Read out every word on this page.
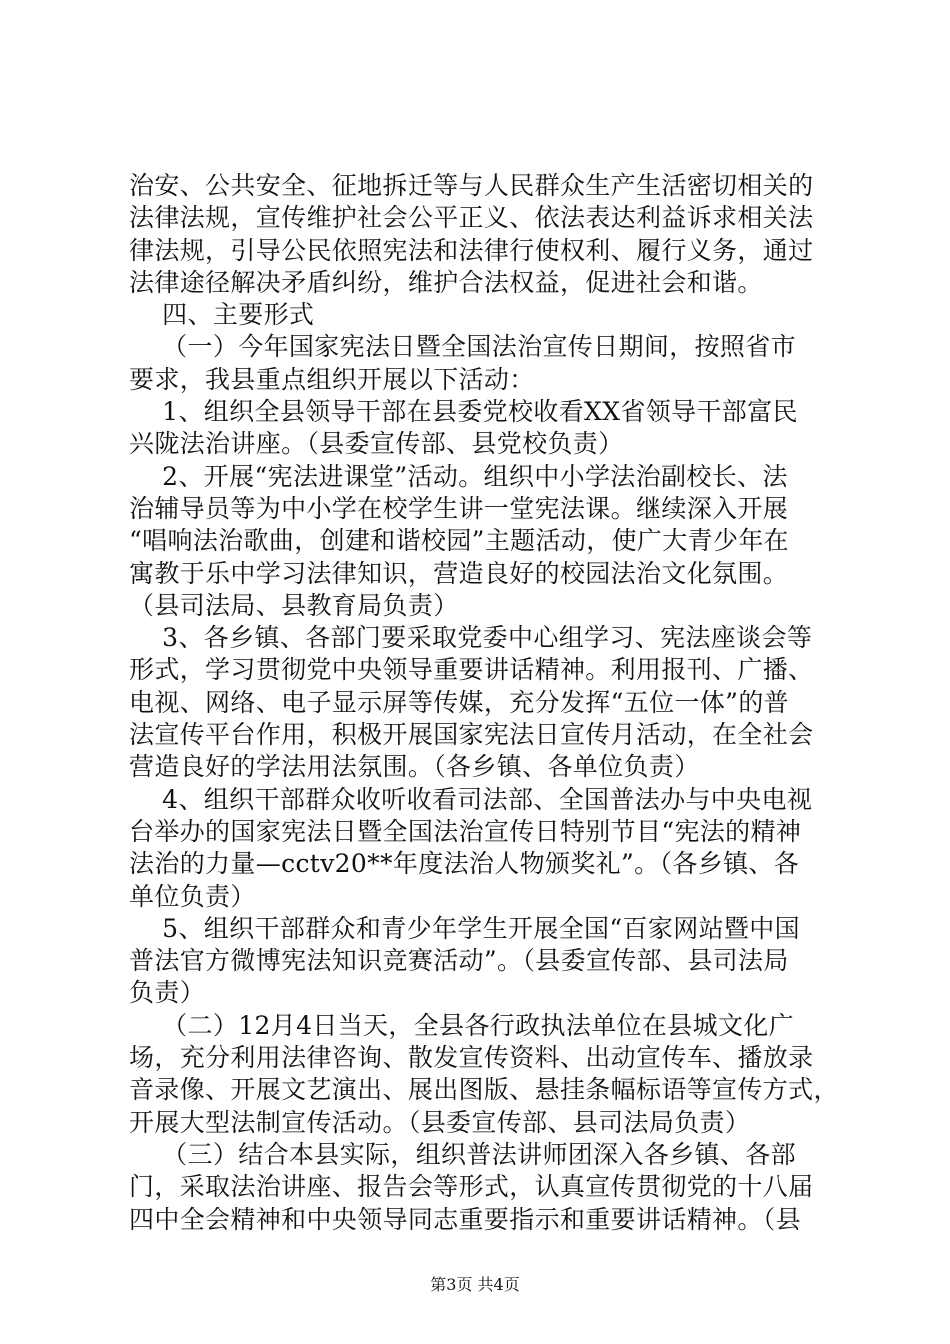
治安、公共安全、征地拆迁等与人民群众生产生活密切相关的
法律法规，宣传维护社会公平正义、依法表达利益诉求相关法
律法规，引导公民依照宪法和法律行使权利、履行义务，通过
法律途径解决矛盾纠纷，维护合法权益，促进社会和谐。
四、主要形式
（一）今年国家宪法日暨全国法治宣传日期间，按照省市
要求，我县重点组织开展以下活动：
1、组织全县领导干部在县委党校收看XX省领导干部富民
兴陇法治讲座。（县委宣传部、县党校负责）
2、开展“宪法进课堂”活动。组织中小学法治副校长、法
治辅导员等为中小学在校学生讲一堂宪法课。继续深入开展
“唱响法治歌曲，创建和谐校园”主题活动，使广大青少年在
寓教于乐中学习法律知识，营造良好的校园法治文化氛围。
（县司法局、县教育局负责）
3、各乡镇、各部门要采取党委中心组学习、宪法座谈会等
形式，学习贯彻党中央领导重要讲话精神。利用报刊、广播、
电视、网络、电子显示屏等传媒，充分发挥“五位一体”的普
法宣传平台作用，积极开展国家宪法日宣传月活动，在全社会
营造良好的学法用法氛围。（各乡镇、各单位负责）
4、组织干部群众收听收看司法部、全国普法办与中央电视
台举办的国家宪法日暨全国法治宣传日特别节目“宪法的精神
法治的力量—cctv20**年度法治人物颁奖礼”。（各乡镇、各
单位负责）
5、组织干部群众和青少年学生开展全国“百家网站暨中国
普法官方微博宪法知识竞赛活动”。（县委宣传部、县司法局
负责）
（二）12月4日当天，全县各行政执法单位在县城文化广
场，充分利用法律咨询、散发宣传资料、出动宣传车、播放录
音录像、开展文艺演出、展出图版、悬挂条幅标语等宣传方式，
开展大型法制宣传活动。（县委宣传部、县司法局负责）
（三）结合本县实际，组织普法讲师团深入各乡镇、各部
门，采取法治讲座、报告会等形式，认真宣传贯彻党的十八届
四中全会精神和中央领导同志重要指示和重要讲话精神。（县
第3页 共4页
